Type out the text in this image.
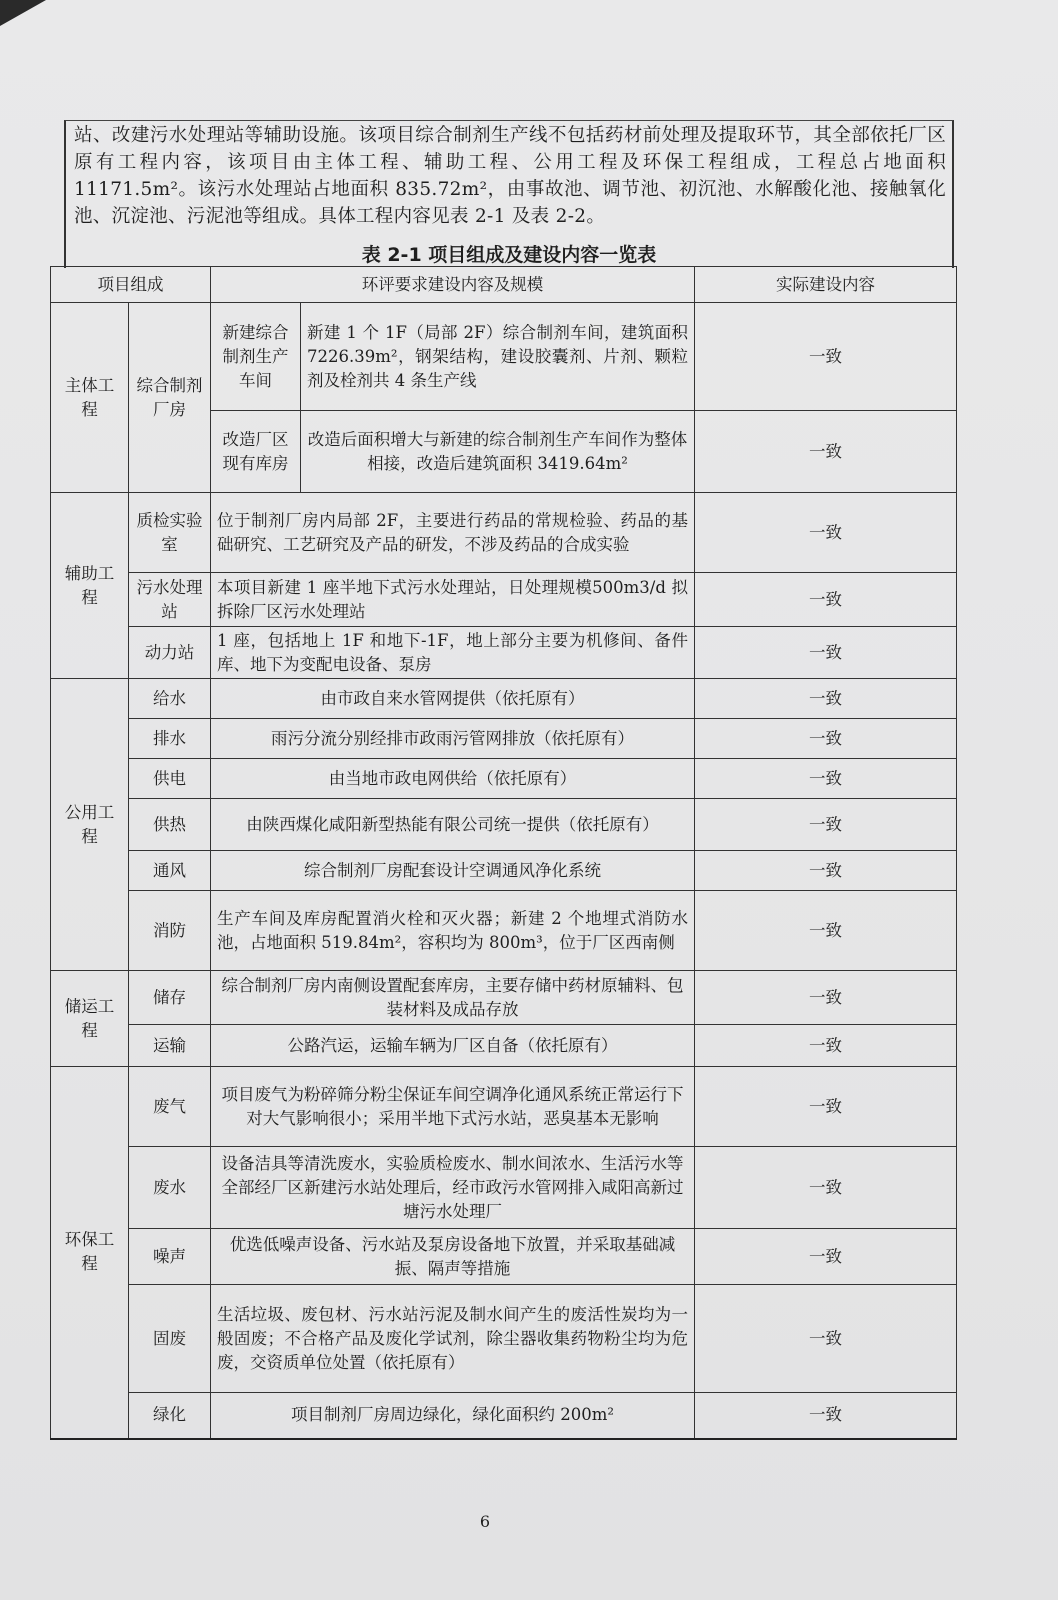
站、改建污水处理站等辅助设施。该项目综合制剂生产线不包括药材前处理及提取环节，其全部依托厂区原有工程内容，该项目由主体工程、辅助工程、公用工程及环保工程组成，工程总占地面积 11171.5m²。该污水处理站占地面积 835.72m²，由事故池、调节池、初沉池、水解酸化池、接触氧化池、沉淀池、污泥池等组成。具体工程内容见表 2-1 及表 2-2。
表 2-1 项目组成及建设内容一览表
项目组成		环评要求建设内容及规模		实际建设内容
主体工程	综合制剂厂房	新建综合制剂生产车间	新建 1 个 1F（局部 2F）综合制剂车间，建筑面积 7226.39m²，钢架结构，建设胶囊剂、片剂、颗粒剂及栓剂共 4 条生产线	一致
		改造厂区现有库房	改造后面积增大与新建的综合制剂生产车间作为整体相接，改造后建筑面积 3419.64m²	一致
辅助工程	质检实验室	位于制剂厂房内局部 2F，主要进行药品的常规检验、药品的基础研究、工艺研究及产品的研发，不涉及药品的合成实验		一致
	污水处理站	本项目新建 1 座半地下式污水处理站，日处理规模500m3/d 拟拆除厂区污水处理站		一致
	动力站	1 座，包括地上 1F 和地下-1F，地上部分主要为机修间、备件库、地下为变配电设备、泵房		一致
公用工程	给水	由市政自来水管网提供（依托原有）		一致
	排水	雨污分流分别经排市政雨污管网排放（依托原有）		一致
	供电	由当地市政电网供给（依托原有）		一致
	供热	由陕西煤化咸阳新型热能有限公司统一提供（依托原有）		一致
	通风	综合制剂厂房配套设计空调通风净化系统		一致
	消防	生产车间及库房配置消火栓和灭火器；新建 2 个地埋式消防水池，占地面积 519.84m²，容积均为 800m³，位于厂区西南侧		一致
储运工程	储存	综合制剂厂房内南侧设置配套库房，主要存储中药材原辅料、包装材料及成品存放		一致
	运输	公路汽运，运输车辆为厂区自备（依托原有）		一致
环保工程	废气	项目废气为粉碎筛分粉尘保证车间空调净化通风系统正常运行下对大气影响很小；采用半地下式污水站，恶臭基本无影响		一致
	废水	设备洁具等清洗废水，实验质检废水、制水间浓水、生活污水等全部经厂区新建污水站处理后，经市政污水管网排入咸阳高新过塘污水处理厂		一致
	噪声	优选低噪声设备、污水站及泵房设备地下放置，并采取基础减振、隔声等措施		一致
	固废	生活垃圾、废包材、污水站污泥及制水间产生的废活性炭均为一般固废；不合格产品及废化学试剂，除尘器收集药物粉尘均为危废，交资质单位处置（依托原有）		一致
	绿化	项目制剂厂房周边绿化，绿化面积约 200m²		一致
6
